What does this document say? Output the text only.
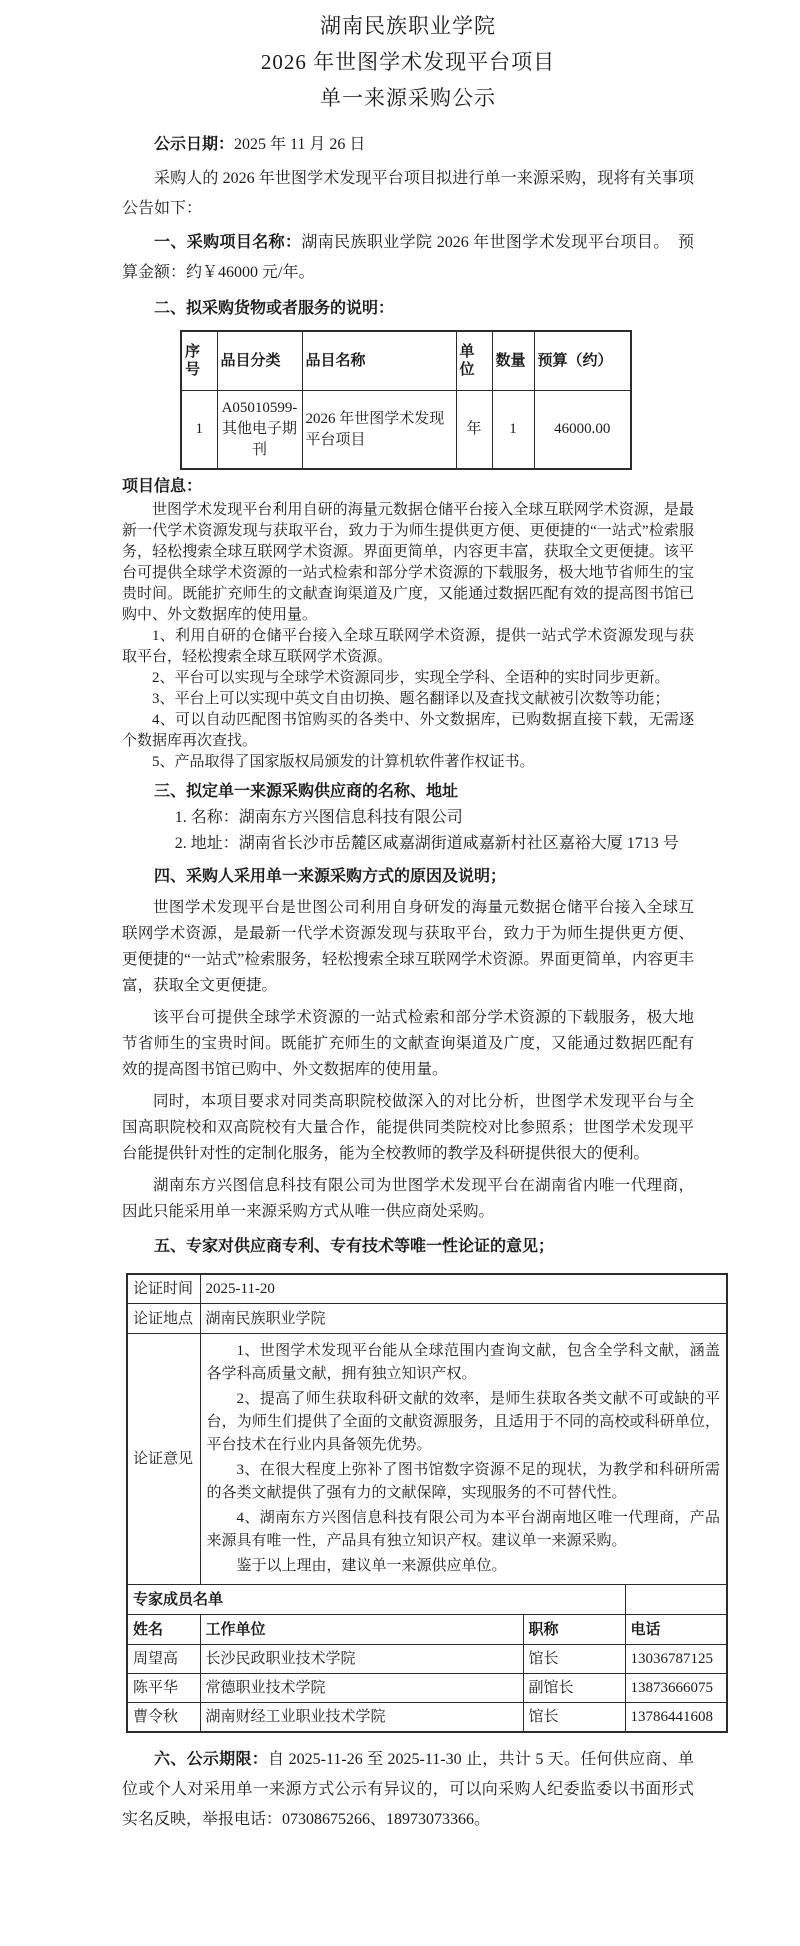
湖南民族职业学院
2026 年世图学术发现平台项目
单一来源采购公示

公示日期：2025 年 11 月 26 日

采购人的 2026 年世图学术发现平台项目拟进行单一来源采购，现将有关事项公告如下：

一、采购项目名称：湖南民族职业学院 2026 年世图学术发现平台项目。　预算金额：约￥46000 元/年。

二、拟采购货物或者服务的说明：

序号	品目分类	品目名称	单位	数量	预算（约）
1	A05010599-其他电子期刊	2026 年世图学术发现平台项目	年	1	46000.00

项目信息：

世图学术发现平台利用自研的海量元数据仓储平台接入全球互联网学术资源，是最新一代学术资源发现与获取平台，致力于为师生提供更方便、更便捷的“一站式”检索服务，轻松搜索全球互联网学术资源。界面更简单，内容更丰富，获取全文更便捷。该平台可提供全球学术资源的一站式检索和部分学术资源的下载服务，极大地节省师生的宝贵时间。既能扩充师生的文献查询渠道及广度，又能通过数据匹配有效的提高图书馆已购中、外文数据库的使用量。

1、利用自研的仓储平台接入全球互联网学术资源，提供一站式学术资源发现与获取平台，轻松搜索全球互联网学术资源。

2、平台可以实现与全球学术资源同步，实现全学科、全语种的实时同步更新。

3、平台上可以实现中英文自由切换、题名翻译以及查找文献被引次数等功能；

4、可以自动匹配图书馆购买的各类中、外文数据库，已购数据直接下载，无需逐个数据库再次查找。

5、产品取得了国家版权局颁发的计算机软件著作权证书。

三、拟定单一来源采购供应商的名称、地址

1. 名称：湖南东方兴图信息科技有限公司

2. 地址：湖南省长沙市岳麓区咸嘉湖街道咸嘉新村社区嘉裕大厦 1713 号

四、采购人采用单一来源采购方式的原因及说明；

世图学术发现平台是世图公司利用自身研发的海量元数据仓储平台接入全球互联网学术资源，是最新一代学术资源发现与获取平台，致力于为师生提供更方便、更便捷的“一站式”检索服务，轻松搜索全球互联网学术资源。界面更简单，内容更丰富，获取全文更便捷。

该平台可提供全球学术资源的一站式检索和部分学术资源的下载服务，极大地节省师生的宝贵时间。既能扩充师生的文献查询渠道及广度，又能通过数据匹配有效的提高图书馆已购中、外文数据库的使用量。

同时，本项目要求对同类高职院校做深入的对比分析，世图学术发现平台与全国高职院校和双高院校有大量合作，能提供同类院校对比参照系；世图学术发现平台能提供针对性的定制化服务，能为全校教师的教学及科研提供很大的便利。

湖南东方兴图信息科技有限公司为世图学术发现平台在湖南省内唯一代理商，因此只能采用单一来源采购方式从唯一供应商处采购。

五、专家对供应商专利、专有技术等唯一性论证的意见；

论证时间	2025-11-20		
论证地点	湖南民族职业学院		
论证意见	1、世图学术发现平台能从全球范围内查询文献，包含全学科文献，涵盖各学科高质量文献，拥有独立知识产权。

2、提高了师生获取科研文献的效率，是师生获取各类文献不可或缺的平台，为师生们提供了全面的文献资源服务，且适用于不同的高校或科研单位，平台技术在行业内具备领先优势。

3、在很大程度上弥补了图书馆数字资源不足的现状，为教学和科研所需的各类文献提供了强有力的文献保障，实现服务的不可替代性。

4、湖南东方兴图信息科技有限公司为本平台湖南地区唯一代理商，产品来源具有唯一性，产品具有独立知识产权。建议单一来源采购。

鉴于以上理由，建议单一来源供应单位。		

专家成员名单			
姓名	工作单位	职称	电话
周望高	长沙民政职业技术学院	馆长	13036787125
陈平华	常德职业技术学院	副馆长	13873666075
曹令秋	湖南财经工业职业技术学院	馆长	13786441608

六、公示期限：自 2025-11-26 至 2025-11-30 止，共计 5 天。任何供应商、单位或个人对采用单一来源方式公示有异议的，可以向采购人纪委监委以书面形式实名反映，举报电话：07308675266、18973073366。
